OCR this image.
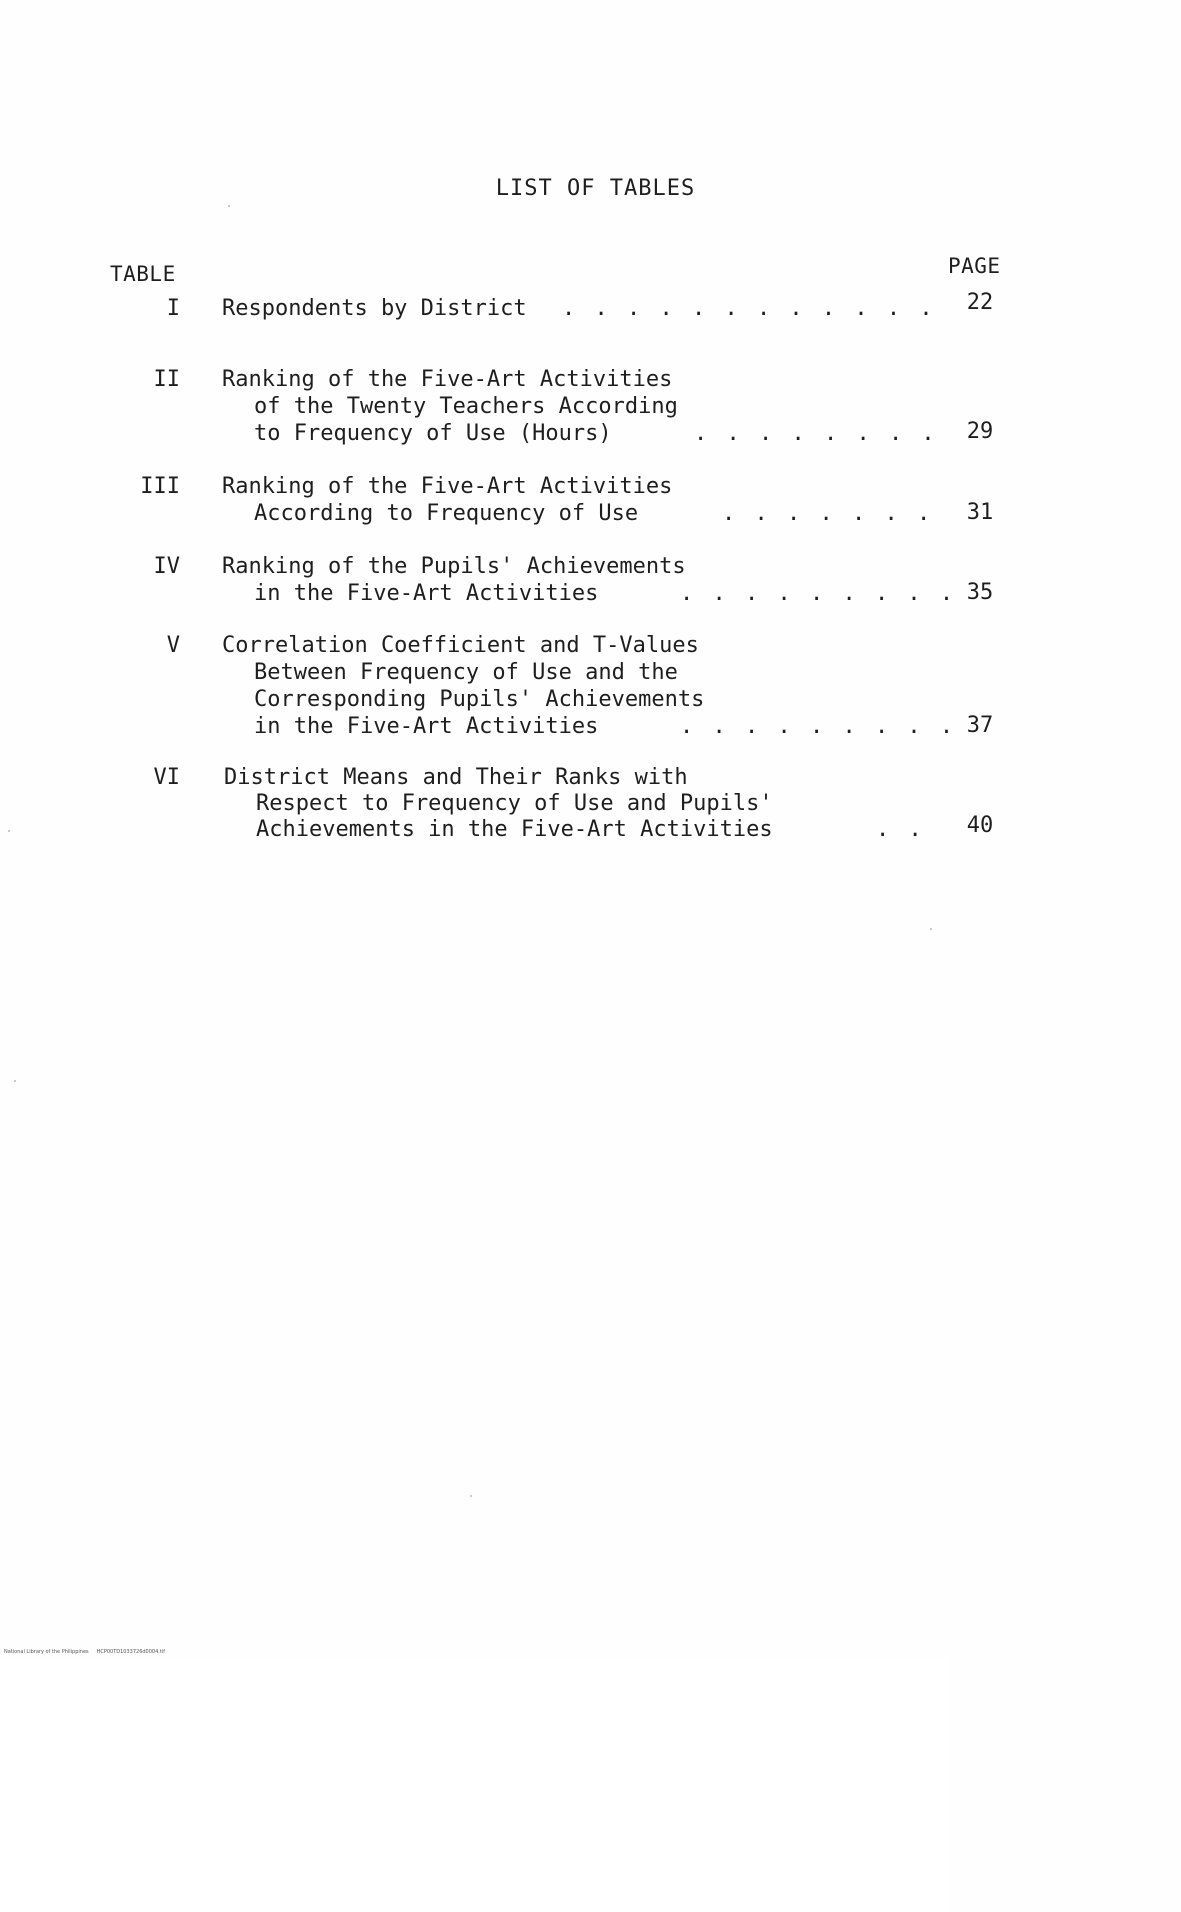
LIST OF TABLES
TABLE	PAGE
I Respondents by District . . . . . . . . . . . .	22
II Ranking of the Five-Art Activities
of the Twenty Teachers According
to Frequency of Use (Hours)	. . . . . . . .	29
III Ranking of the Five-Art Activities
According to Frequency of Use	. . . . . . .	31
IV Ranking of the Pupils' Achievements
in the Five-Art Activities	. . . . . . . . . 35
V Correlation Coefficient and T-Values
Between Frequency of Use and the
Corresponding Pupils' Achievements
in the Five-Art Activities	. . . . . . . . . 37
VI District Means and Their Ranks with
Respect to Frequency of Use and Pupils'
Achievements in the Five-Art Activities	. .	40
National Library of the Philippines     HCP00TD1033726d0004.tif
